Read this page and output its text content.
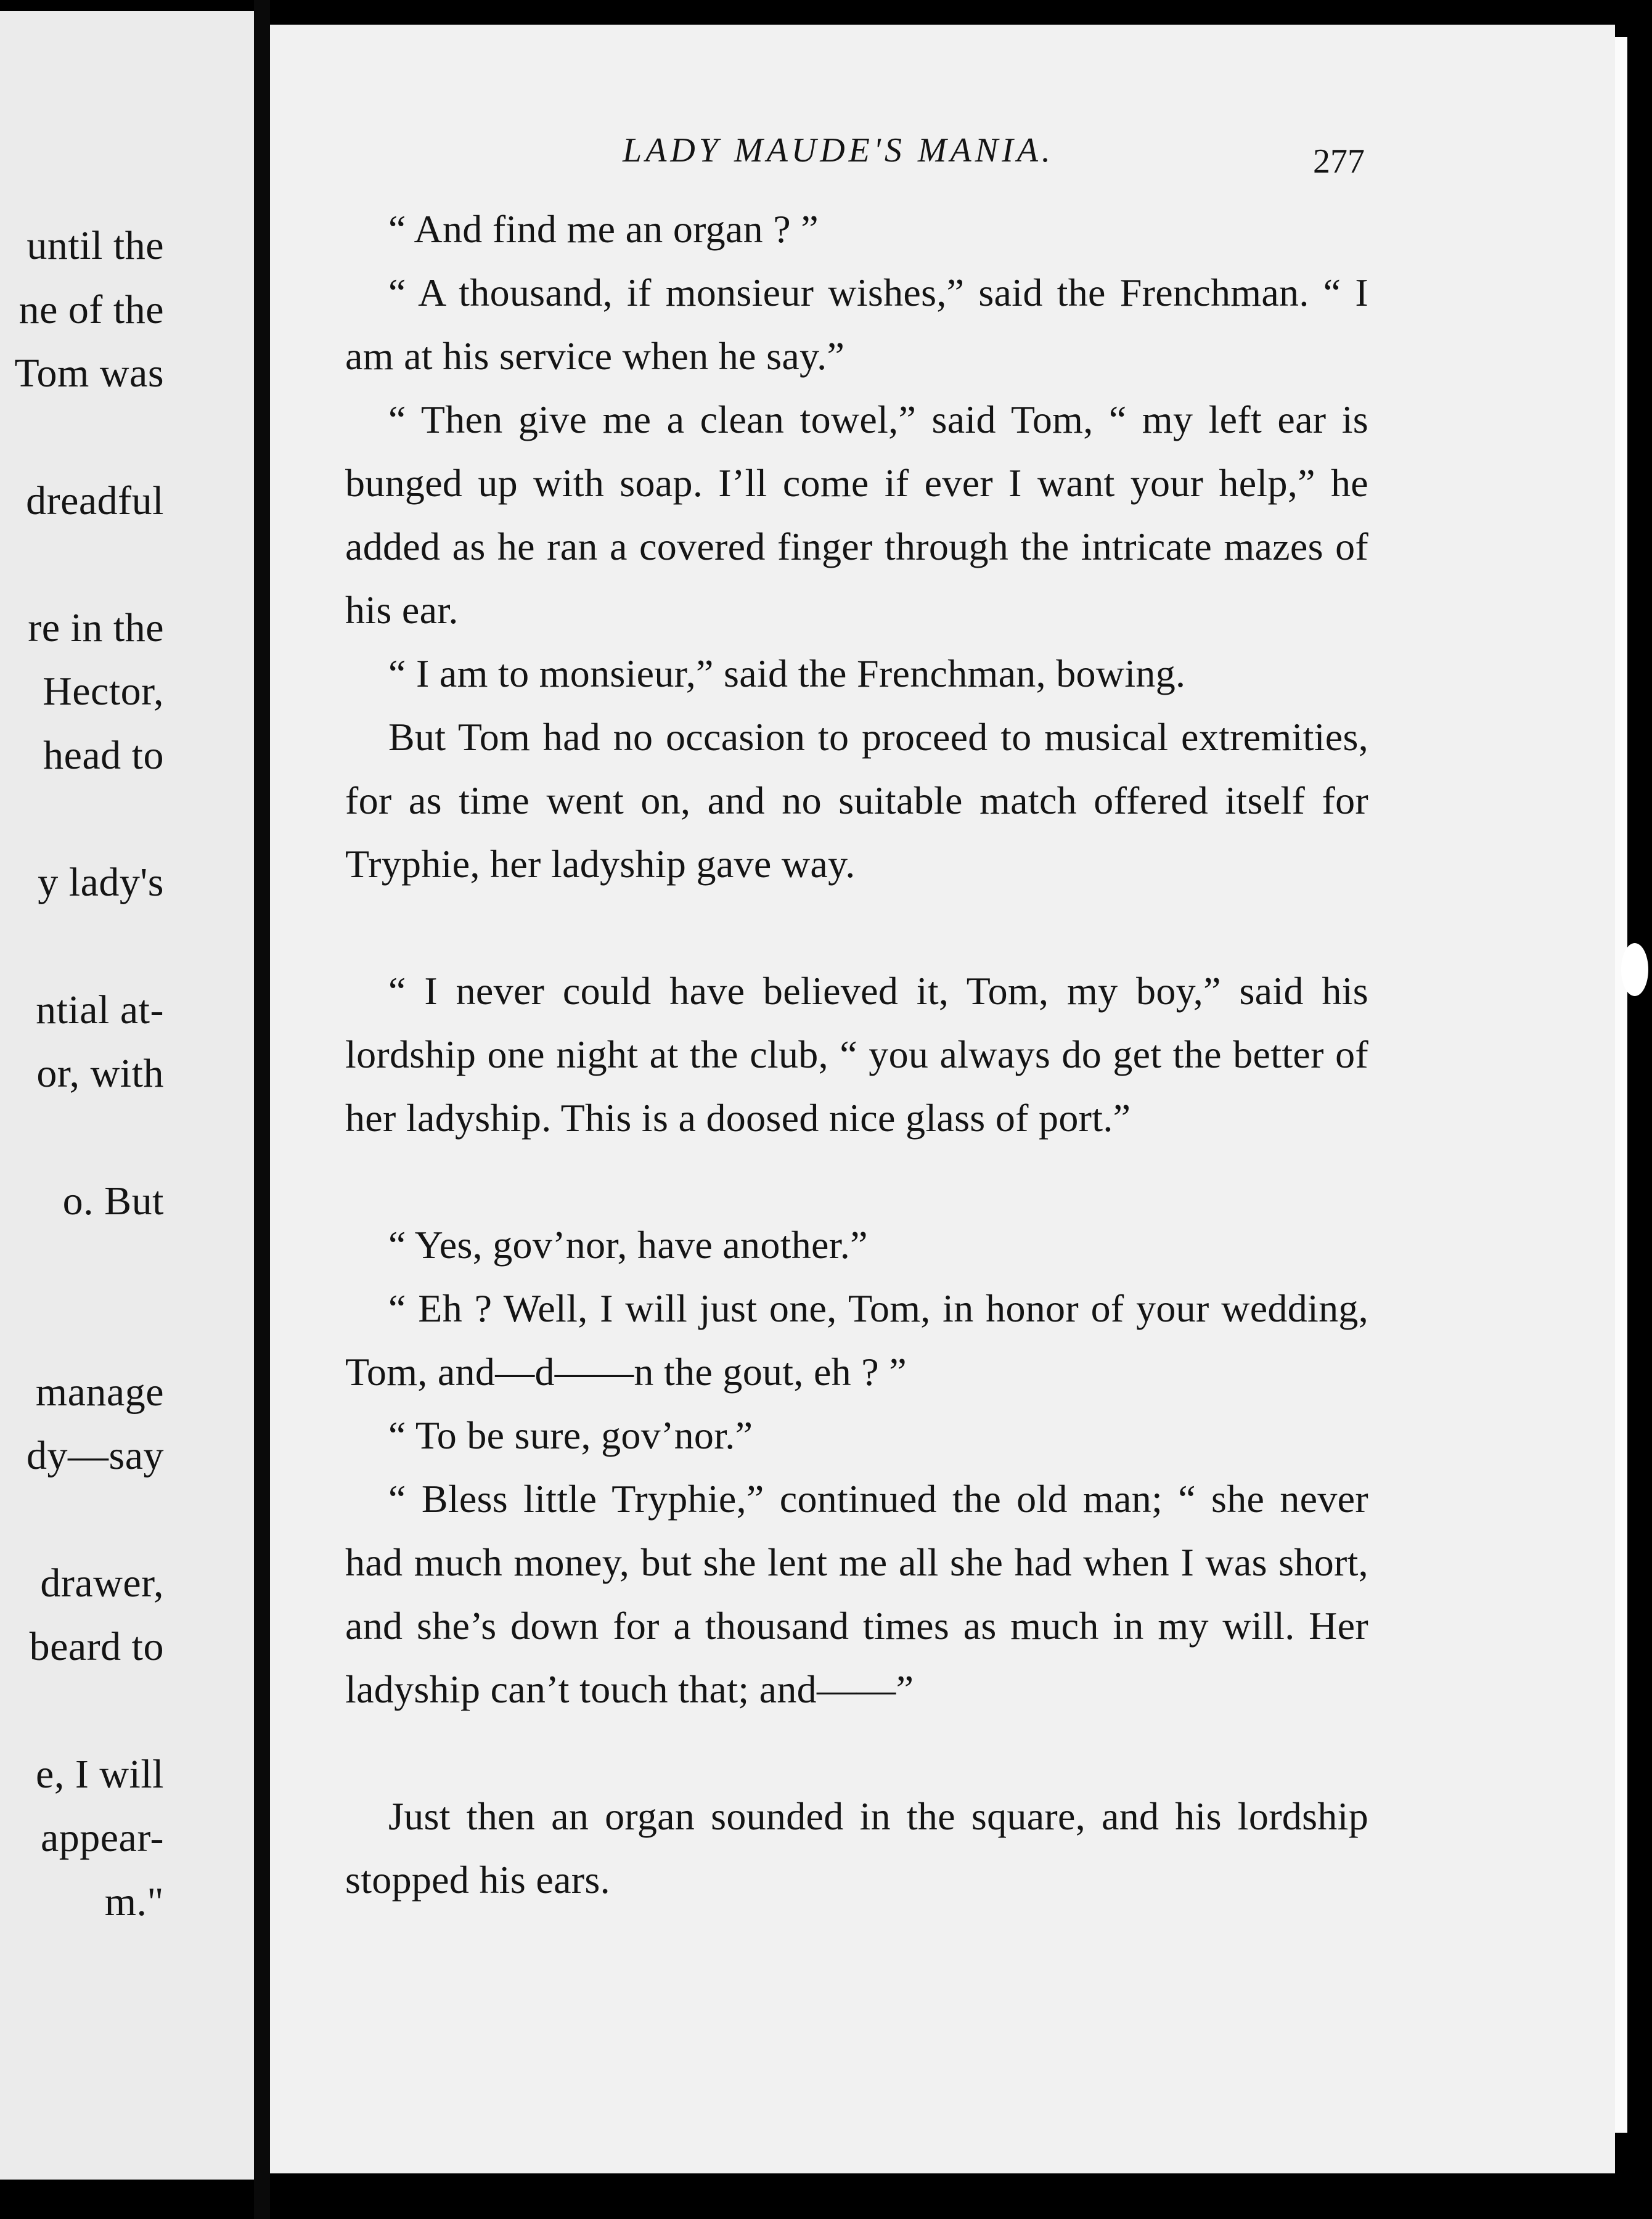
until the
ne of the
Tom was
dreadful
re in the
Hector,
head to
y lady's
ntial at-
or, with
o. But
manage
dy—say
drawer,
beard to
e, I will
appear-
m."
LADY MAUDE'S MANIA.	277

“ And find me an organ ? ”

“ A thousand, if monsieur wishes,” said the Frenchman. “ I am at his service when he say.”

“ Then give me a clean towel,” said Tom, “ my left ear is bunged up with soap. I’ll come if ever I want your help,” he added as he ran a covered finger through the intricate mazes of his ear.

“ I am to monsieur,” said the Frenchman, bowing.

But Tom had no occasion to proceed to musical extremities, for as time went on, and no suitable match offered itself for Tryphie, her ladyship gave way.

“ I never could have believed it, Tom, my boy,” said his lordship one night at the club, “ you always do get the better of her ladyship. This is a doosed nice glass of port.”

“ Yes, gov’nor, have another.”

“ Eh ? Well, I will just one, Tom, in honor of your wedding, Tom, and—d——n the gout, eh ? ”

“ To be sure, gov’nor.”

“ Bless little Tryphie,” continued the old man; “ she never had much money, but she lent me all she had when I was short, and she’s down for a thousand times as much in my will. Her ladyship can’t touch that; and——”

Just then an organ sounded in the square, and his lordship stopped his ears.
